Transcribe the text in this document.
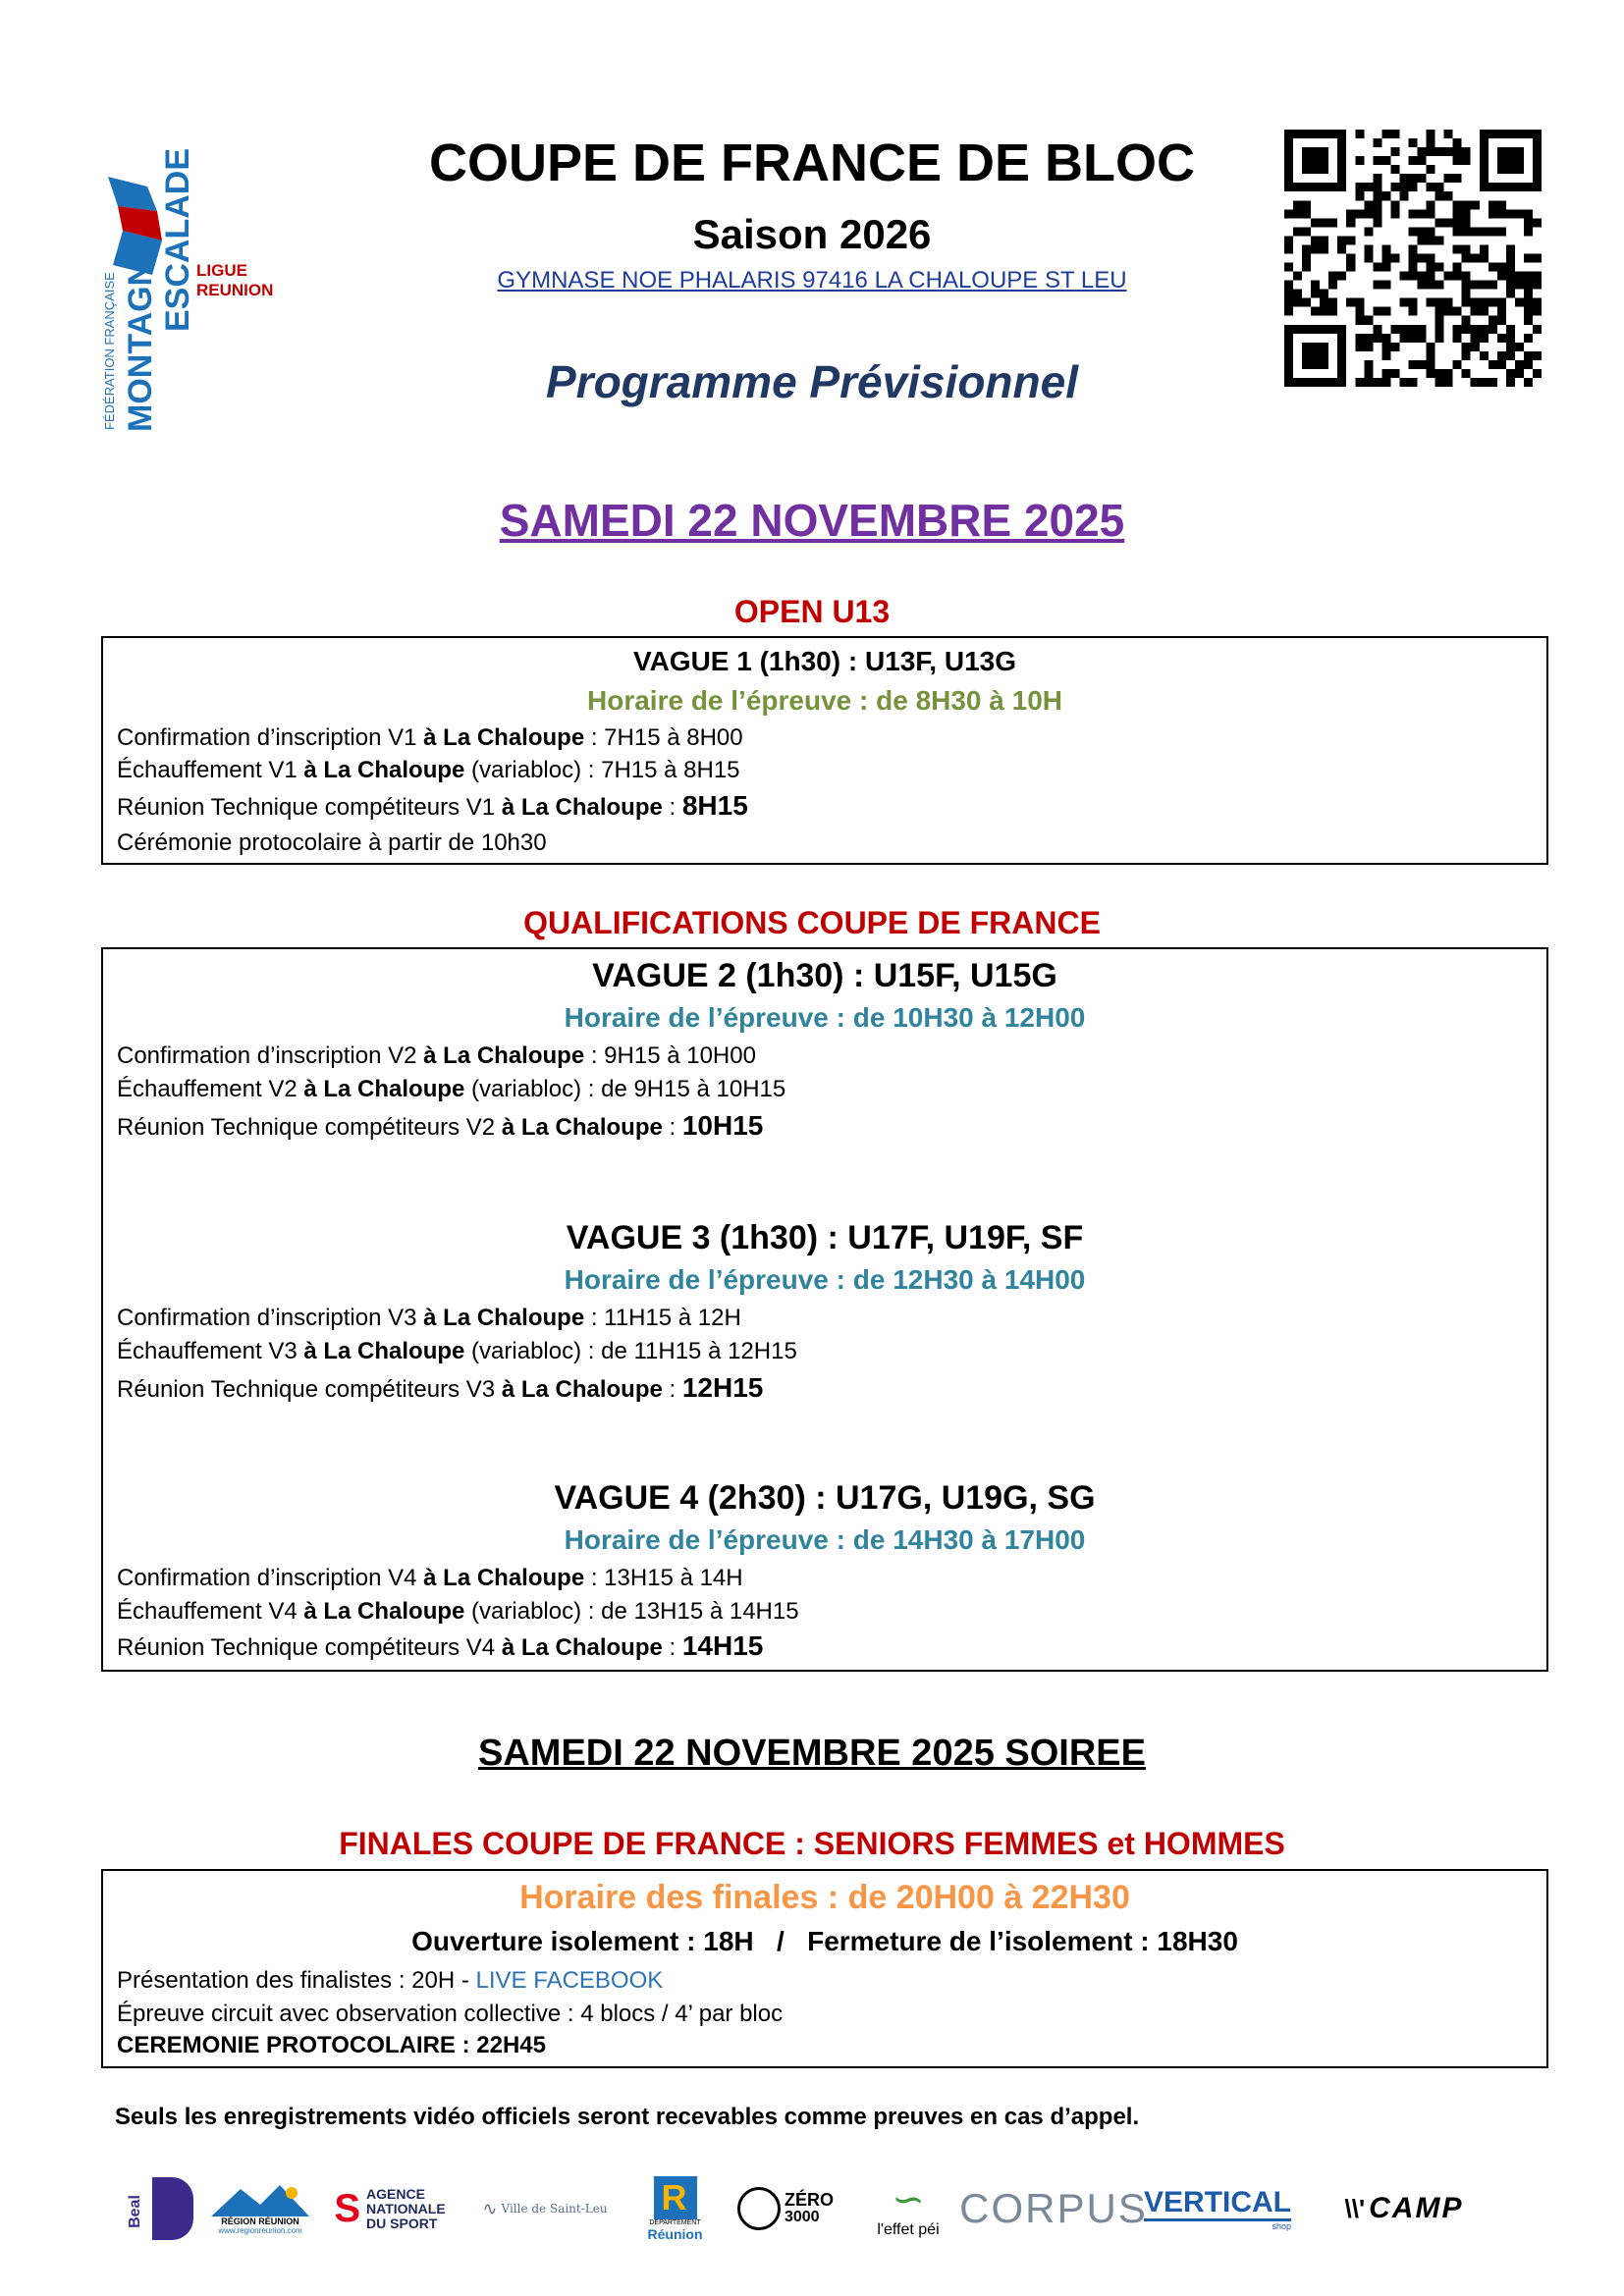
FÉDÉRATION FRANÇAISE MONTAGNE ESCALADE LIGUE
REUNION
COUPE DE FRANCE DE BLOC
Saison 2026
GYMNASE NOE PHALARIS 97416 LA CHALOUPE ST LEU
Programme Prévisionnel
SAMEDI 22 NOVEMBRE 2025
OPEN U13
VAGUE 1 (1h30) : U13F, U13G
Horaire de l’épreuve : de 8H30 à 10H
Confirmation d’inscription V1 à La Chaloupe : 7H15 à 8H00
Échauffement V1 à La Chaloupe (variabloc) : 7H15 à 8H15
Réunion Technique compétiteurs V1 à La Chaloupe : 8H15
Cérémonie protocolaire à partir de 10h30
QUALIFICATIONS COUPE DE FRANCE
VAGUE 2 (1h30) : U15F, U15G
Horaire de l’épreuve : de 10H30 à 12H00
Confirmation d’inscription V2 à La Chaloupe : 9H15 à 10H00
Échauffement V2 à La Chaloupe (variabloc) : de 9H15 à 10H15
Réunion Technique compétiteurs V2 à La Chaloupe : 10H15
VAGUE 3 (1h30) : U17F, U19F, SF
Horaire de l’épreuve : de 12H30 à 14H00
Confirmation d’inscription V3 à La Chaloupe : 11H15 à 12H
Échauffement V3 à La Chaloupe (variabloc) : de 11H15 à 12H15
Réunion Technique compétiteurs V3 à La Chaloupe : 12H15
VAGUE 4 (2h30) : U17G, U19G, SG
Horaire de l’épreuve : de 14H30 à 17H00
Confirmation d’inscription V4 à La Chaloupe : 13H15 à 14H
Échauffement V4 à La Chaloupe (variabloc) : de 13H15 à 14H15
Réunion Technique compétiteurs V4 à La Chaloupe : 14H15
SAMEDI 22 NOVEMBRE 2025 SOIREE
FINALES COUPE DE FRANCE : SENIORS FEMMES et HOMMES
Horaire des finales : de 20H00 à 22H30
Ouverture isolement : 18H   /   Fermeture de l’isolement : 18H30
Présentation des finalistes : 20H - LIVE FACEBOOK
Épreuve circuit avec observation collective : 4 blocs / 4’ par bloc
CEREMONIE PROTOCOLAIRE : 22H45
Seuls les enregistrements vidéo officiels seront recevables comme preuves en cas d’appel.
Beal	RÉGION RÉUNION
www.regionreunion.com
S AGENCE
NATIONALE
DU SPORT
∿ Ville de Saint-Leu R
DÉPARTEMENT
Réunion
ZÉRO
3000	∽
l'effet péi CORPUS
VERTICAL
shop
\\' CAMP
